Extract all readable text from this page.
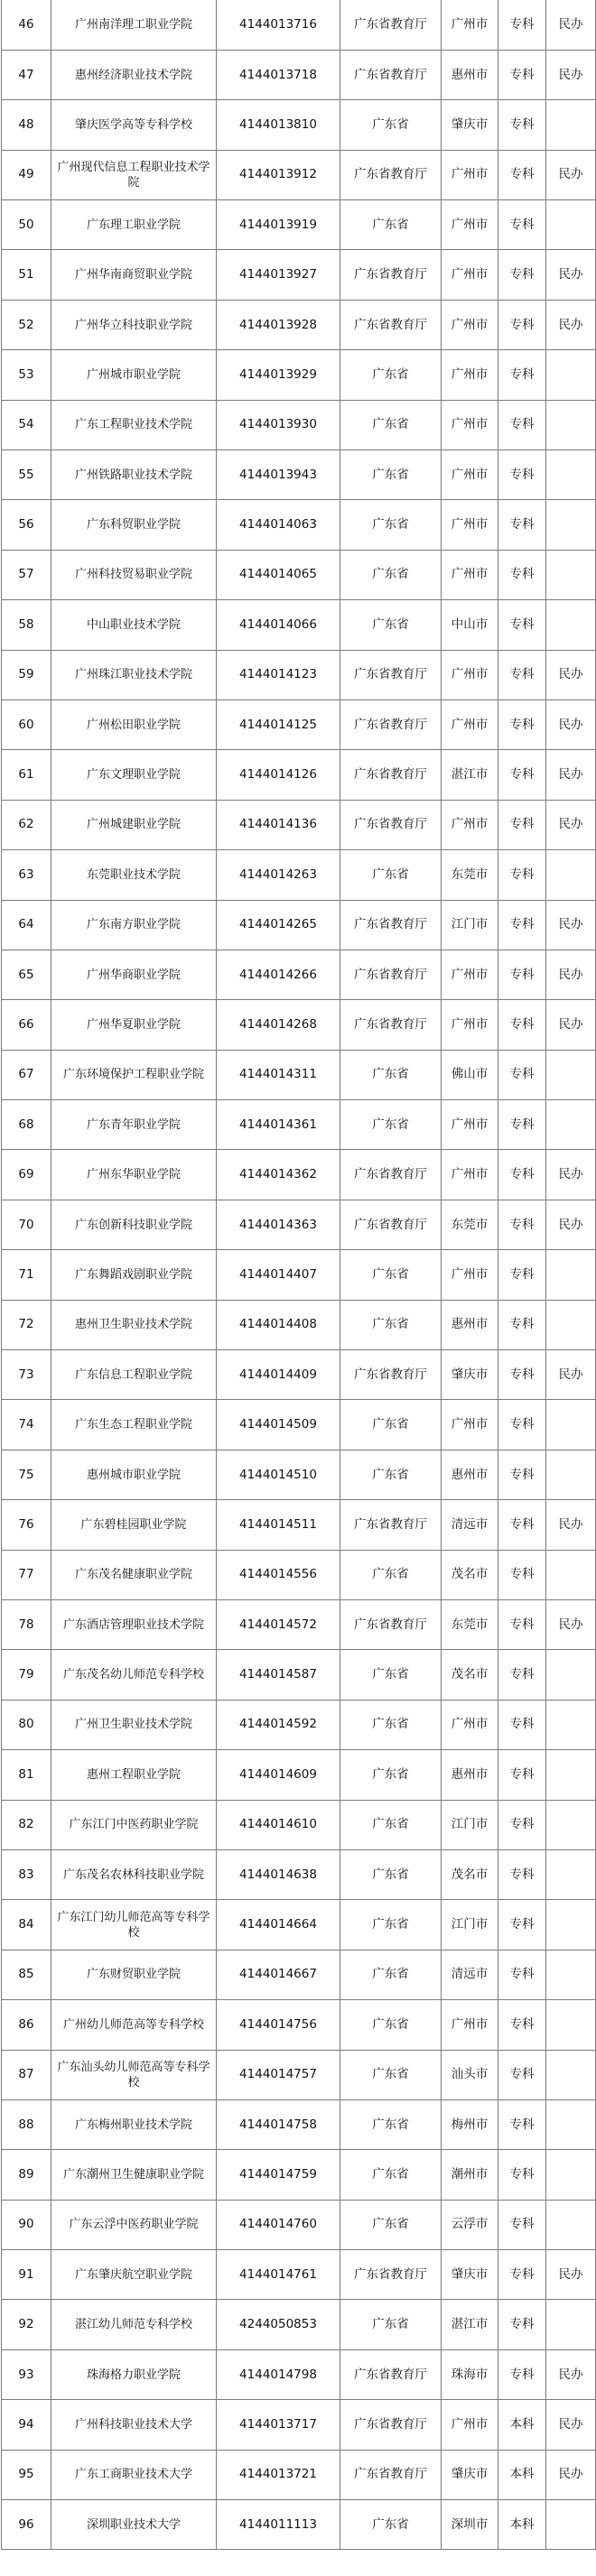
46	广州南洋理工职业学院	4144013716	广东省教育厅	广州市	专科	民办
47	惠州经济职业技术学院	4144013718	广东省教育厅	惠州市	专科	民办
48	肇庆医学高等专科学校	4144013810	广东省	肇庆市	专科	
49	广州现代信息工程职业技术学院	4144013912	广东省教育厅	广州市	专科	民办
50	广东理工职业学院	4144013919	广东省	广州市	专科	
51	广州华南商贸职业学院	4144013927	广东省教育厅	广州市	专科	民办
52	广州华立科技职业学院	4144013928	广东省教育厅	广州市	专科	民办
53	广州城市职业学院	4144013929	广东省	广州市	专科	
54	广东工程职业技术学院	4144013930	广东省	广州市	专科	
55	广州铁路职业技术学院	4144013943	广东省	广州市	专科	
56	广东科贸职业学院	4144014063	广东省	广州市	专科	
57	广州科技贸易职业学院	4144014065	广东省	广州市	专科	
58	中山职业技术学院	4144014066	广东省	中山市	专科	
59	广州珠江职业技术学院	4144014123	广东省教育厅	广州市	专科	民办
60	广州松田职业学院	4144014125	广东省教育厅	广州市	专科	民办
61	广东文理职业学院	4144014126	广东省教育厅	湛江市	专科	民办
62	广州城建职业学院	4144014136	广东省教育厅	广州市	专科	民办
63	东莞职业技术学院	4144014263	广东省	东莞市	专科	
64	广东南方职业学院	4144014265	广东省教育厅	江门市	专科	民办
65	广州华商职业学院	4144014266	广东省教育厅	广州市	专科	民办
66	广州华夏职业学院	4144014268	广东省教育厅	广州市	专科	民办
67	广东环境保护工程职业学院	4144014311	广东省	佛山市	专科	
68	广东青年职业学院	4144014361	广东省	广州市	专科	
69	广州东华职业学院	4144014362	广东省教育厅	广州市	专科	民办
70	广东创新科技职业学院	4144014363	广东省教育厅	东莞市	专科	民办
71	广东舞蹈戏剧职业学院	4144014407	广东省	广州市	专科	
72	惠州卫生职业技术学院	4144014408	广东省	惠州市	专科	
73	广东信息工程职业学院	4144014409	广东省教育厅	肇庆市	专科	民办
74	广东生态工程职业学院	4144014509	广东省	广州市	专科	
75	惠州城市职业学院	4144014510	广东省	惠州市	专科	
76	广东碧桂园职业学院	4144014511	广东省教育厅	清远市	专科	民办
77	广东茂名健康职业学院	4144014556	广东省	茂名市	专科	
78	广东酒店管理职业技术学院	4144014572	广东省教育厅	东莞市	专科	民办
79	广东茂名幼儿师范专科学校	4144014587	广东省	茂名市	专科	
80	广州卫生职业技术学院	4144014592	广东省	广州市	专科	
81	惠州工程职业学院	4144014609	广东省	惠州市	专科	
82	广东江门中医药职业学院	4144014610	广东省	江门市	专科	
83	广东茂名农林科技职业学院	4144014638	广东省	茂名市	专科	
84	广东江门幼儿师范高等专科学校	4144014664	广东省	江门市	专科	
85	广东财贸职业学院	4144014667	广东省	清远市	专科	
86	广州幼儿师范高等专科学校	4144014756	广东省	广州市	专科	
87	广东汕头幼儿师范高等专科学校	4144014757	广东省	汕头市	专科	
88	广东梅州职业技术学院	4144014758	广东省	梅州市	专科	
89	广东潮州卫生健康职业学院	4144014759	广东省	潮州市	专科	
90	广东云浮中医药职业学院	4144014760	广东省	云浮市	专科	
91	广东肇庆航空职业学院	4144014761	广东省教育厅	肇庆市	专科	民办
92	湛江幼儿师范专科学校	4244050853	广东省	湛江市	专科	
93	珠海格力职业学院	4144014798	广东省教育厅	珠海市	专科	民办
94	广州科技职业技术大学	4144013717	广东省教育厅	广州市	本科	民办
95	广东工商职业技术大学	4144013721	广东省教育厅	肇庆市	本科	民办
96	深圳职业技术大学	4144011113	广东省	深圳市	本科	
